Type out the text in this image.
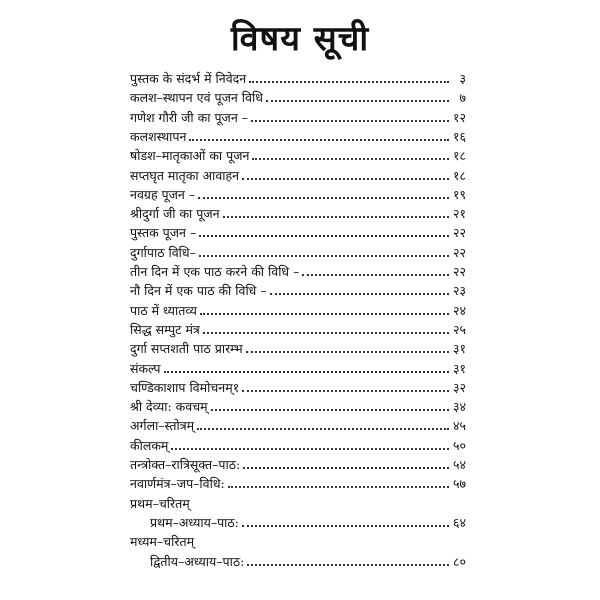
विषय सूची
पुस्तक के संदर्भ में निवेदन	३
कलश–स्थापन एवं पूजन विधि	७
गणेश गौरी जी का पूजन –	१२
कलशस्थापन	१६
षोडश–मातृकाओं का पूजन	१८
सप्तघृत मातृका आवाहन	१८
नवग्रह पूजन –	१९
श्रीदुर्गा जी का पूजन	२१
पुस्तक पूजन –	२२
दुर्गापाठ विधि–	२२
तीन दिन में एक पाठ करने की विधि –	२२
नौ दिन में एक पाठ की विधि –	२३
पाठ में ध्यातव्य	२४
सिद्ध सम्पुट मंत्र	२५
दुर्गा सप्तशती पाठ प्रारम्भ	३१
संकल्प	३१
चण्डिकाशाप विमोचनम्१	३२
श्री देव्या: कवचम्	३४
अर्गला–स्तोत्रम्	४५
कीलकम्	५०
तन्त्रोक्त–रात्रिसूक्त–पाठ:	५४
नवार्णमंत्र–जप–विधि:	५७
प्रथम–चरितम्
प्रथम–अध्याय–पाठ:	६४
मध्यम–चरितम्
द्वितीय–अध्याय–पाठ:	८०
